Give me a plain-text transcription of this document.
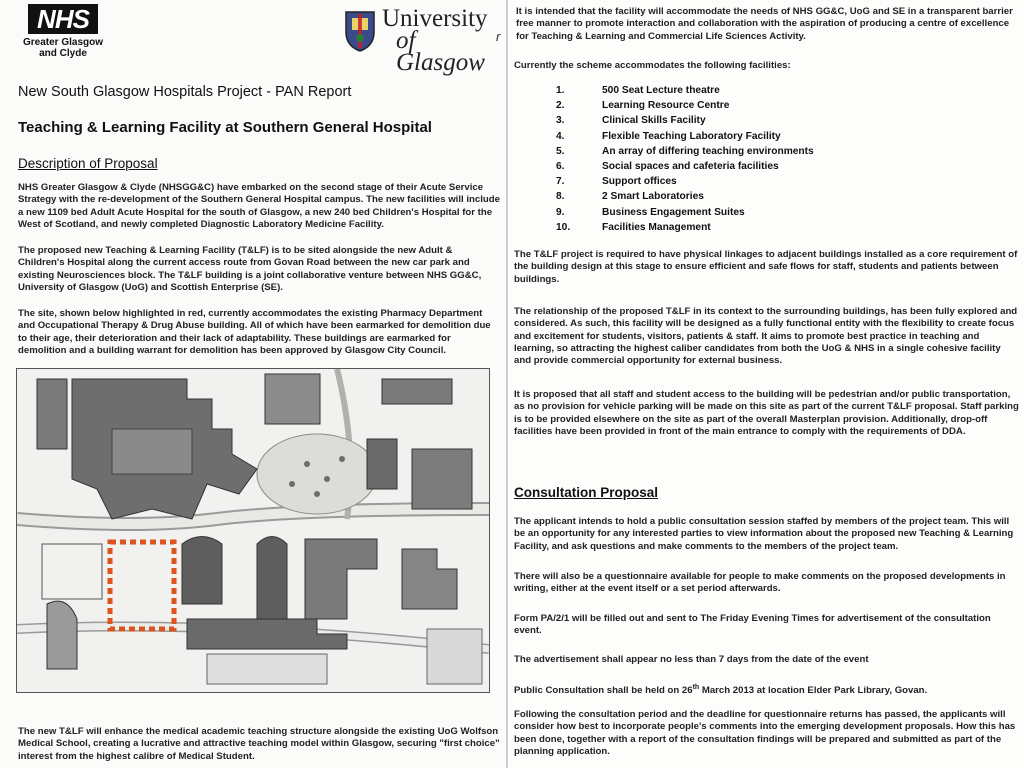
NHS
Greater Glasgow
and Clyde
University
of Glasgow
New South Glasgow Hospitals Project - PAN Report
Teaching & Learning Facility at Southern General Hospital
Description of Proposal
NHS Greater Glasgow & Clyde (NHSGG&C) have embarked on the second stage of their Acute Service Strategy with the re-development of the Southern General Hospital campus. The new facilities will include a new 1109 bed Adult Acute Hospital for the south of Glasgow, a new 240 bed Children's Hospital for the West of Scotland, and newly completed Diagnostic Laboratory Medicine Facility.
The proposed new Teaching & Learning Facility (T&LF) is to be sited alongside the new Adult & Children's Hospital along the current access route from Govan Road between the new car park and existing Neurosciences block. The T&LF building is a joint collaborative venture between NHS GG&C, University of Glasgow (UoG) and Scottish Enterprise (SE).
The site, shown below highlighted in red, currently accommodates the existing Pharmacy Department and Occupational Therapy & Drug Abuse building. All of which have been earmarked for demolition due to their age, their deterioration and their lack of adaptability. These buildings are earmarked for demolition and a building warrant for demolition has been approved by Glasgow City Council.
The new T&LF will enhance the medical academic teaching structure alongside the existing UoG Wolfson Medical School, creating a lucrative and attractive teaching model within Glasgow, securing "first choice" interest from the highest calibre of Medical Student.
It is intended that the facility will accommodate the needs of NHS GG&C, UoG and SE in a transparent barrier free manner to promote interaction and collaboration with the aspiration of producing a centre of excellence for Teaching & Learning and Commercial Life Sciences Activity.
Currently the scheme accommodates the following facilities:
The T&LF project is required to have physical linkages to adjacent buildings installed as a core requirement of the building design at this stage to ensure efficient and safe flows for staff, students and patients between buildings.
The relationship of the proposed T&LF in its context to the surrounding buildings, has been fully explored and considered. As such, this facility will be designed as a fully functional entity with the flexibility to create focus and excitement for students, visitors, patients & staff. It aims to promote best practice in teaching and learning, so attracting the highest caliber candidates from both the UoG & NHS in a single cohesive facility and provide commercial opportunity for external business.
It is proposed that all staff and student access to the building will be pedestrian and/or public transportation, as no provision for vehicle parking will be made on this site as part of the current T&LF proposal. Staff parking is to be provided elsewhere on the site as part of the overall Masterplan provision. Additionally, drop-off facilities have been provided in front of the main entrance to comply with the requirements of DDA.
Consultation Proposal
The applicant intends to hold a public consultation session staffed by members of the project team. This will be an opportunity for any interested parties to view information about the proposed new Teaching & Learning Facility, and ask questions and make comments to the members of the project team.
There will also be a questionnaire available for people to make comments on the proposed developments in writing, either at the event itself or a set period afterwards.
Form PA/2/1 will be filled out and sent to The Friday Evening Times for advertisement of the consultation event.
The advertisement shall appear no less than 7 days from the date of the event
Public Consultation shall be held on 26th March 2013 at location Elder Park Library, Govan.
Following the consultation period and the deadline for questionnaire returns has passed, the applicants will consider how best to incorporate people's comments into the emerging development proposals. How this has been done, together with a report of the consultation findings will be prepared and submitted as part of the planning application.
r
1.	500 Seat Lecture theatre
2.	Learning Resource Centre
3.	Clinical Skills Facility
4.	Flexible Teaching Laboratory Facility
5.	An array of differing teaching environments
6.	Social spaces and cafeteria facilities
7.	Support offices
8.	2 Smart Laboratories
9.	Business Engagement Suites
10.	Facilities Management
